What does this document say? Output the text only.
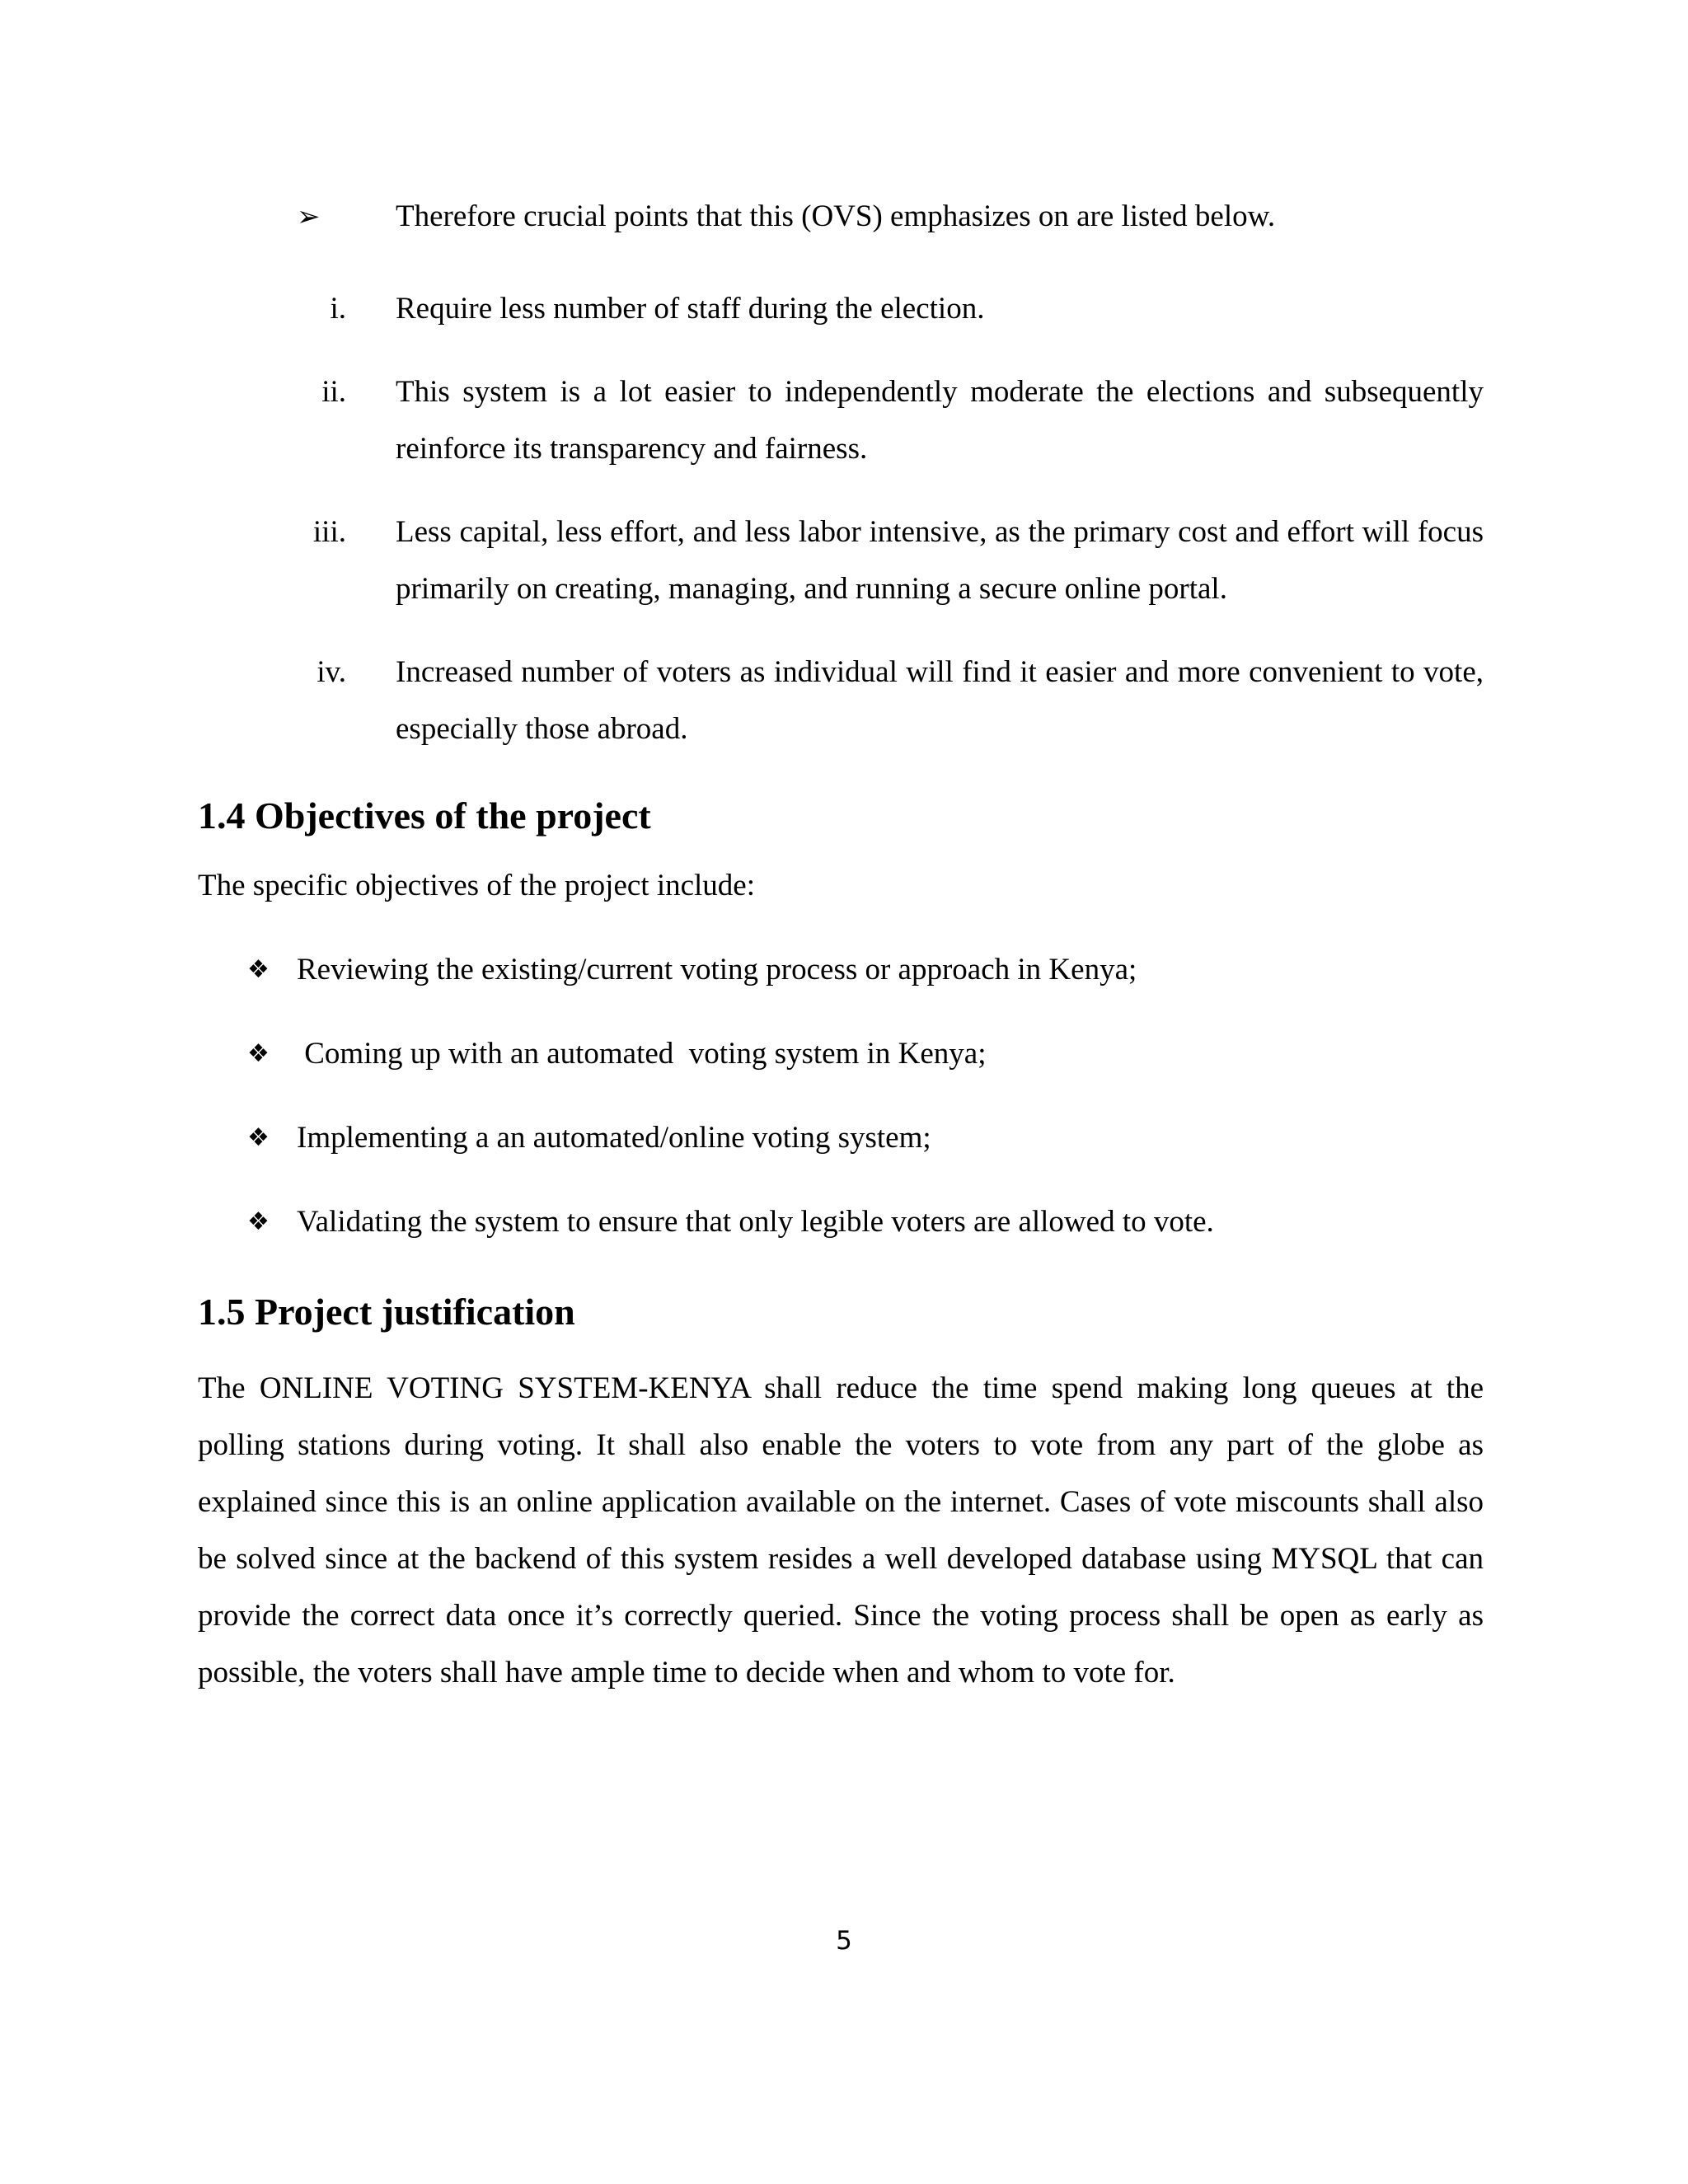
➢ Therefore crucial points that this (OVS) emphasizes on are listed below.
i. Require less number of staff during the election.
ii. This system is a lot easier to independently moderate the elections and subsequently reinforce its transparency and fairness.
iii. Less capital, less effort, and less labor intensive, as the primary cost and effort will focus primarily on creating, managing, and running a secure online portal.
iv. Increased number of voters as individual will find it easier and more convenient to vote, especially those abroad.
1.4 Objectives of the project
The specific objectives of the project include:
❖ Reviewing the existing/current voting process or approach in Kenya;
❖ Coming up with an automated  voting system in Kenya;
❖ Implementing a an automated/online voting system;
❖ Validating the system to ensure that only legible voters are allowed to vote.
1.5 Project justification
The ONLINE VOTING SYSTEM-KENYA shall reduce the time spend making long queues at the polling stations during voting. It shall also enable the voters to vote from any part of the globe as explained since this is an online application available on the internet. Cases of vote miscounts shall also be solved since at the backend of this system resides a well developed database using MYSQL that can provide the correct data once it’s correctly queried. Since the voting process shall be open as early as possible, the voters shall have ample time to decide when and whom to vote for.
5
